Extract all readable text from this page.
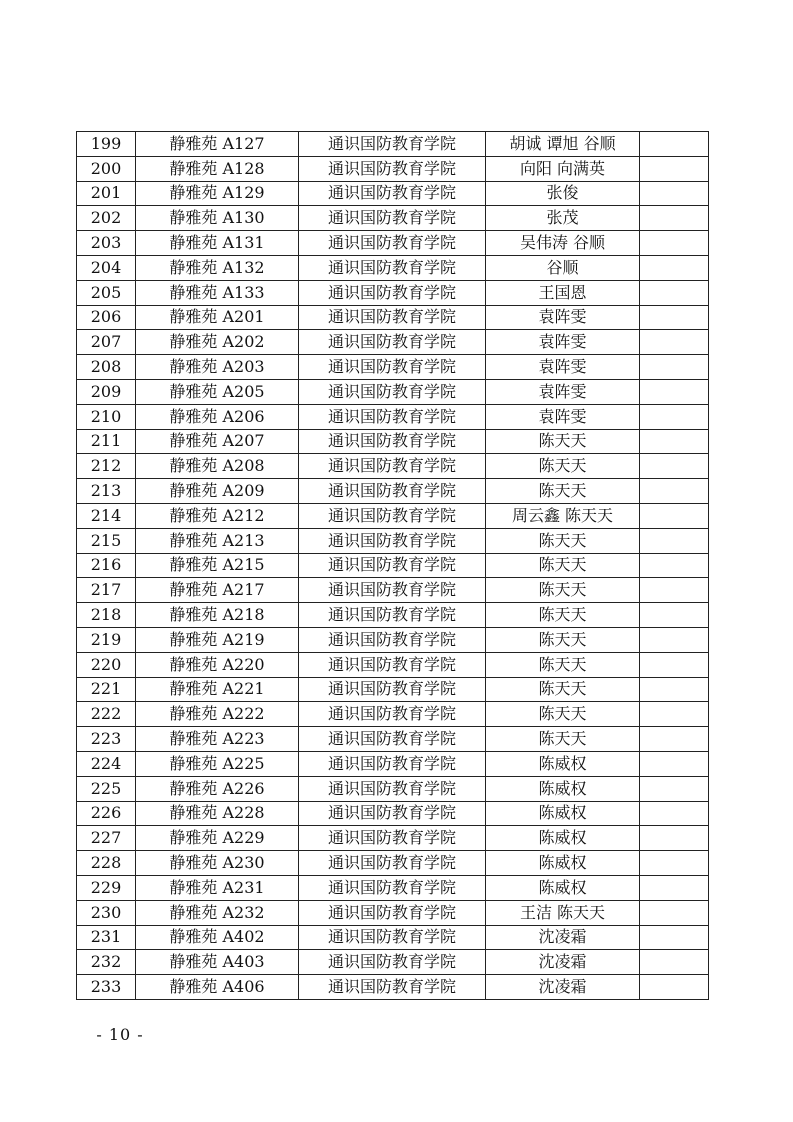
199	静雅苑 A127	通识国防教育学院	胡诚 谭旭 谷顺	
200	静雅苑 A128	通识国防教育学院	向阳 向满英	
201	静雅苑 A129	通识国防教育学院	张俊	
202	静雅苑 A130	通识国防教育学院	张茂	
203	静雅苑 A131	通识国防教育学院	吴伟涛 谷顺	
204	静雅苑 A132	通识国防教育学院	谷顺	
205	静雅苑 A133	通识国防教育学院	王国恩	
206	静雅苑 A201	通识国防教育学院	袁阵雯	
207	静雅苑 A202	通识国防教育学院	袁阵雯	
208	静雅苑 A203	通识国防教育学院	袁阵雯	
209	静雅苑 A205	通识国防教育学院	袁阵雯	
210	静雅苑 A206	通识国防教育学院	袁阵雯	
211	静雅苑 A207	通识国防教育学院	陈天天	
212	静雅苑 A208	通识国防教育学院	陈天天	
213	静雅苑 A209	通识国防教育学院	陈天天	
214	静雅苑 A212	通识国防教育学院	周云鑫 陈天天	
215	静雅苑 A213	通识国防教育学院	陈天天	
216	静雅苑 A215	通识国防教育学院	陈天天	
217	静雅苑 A217	通识国防教育学院	陈天天	
218	静雅苑 A218	通识国防教育学院	陈天天	
219	静雅苑 A219	通识国防教育学院	陈天天	
220	静雅苑 A220	通识国防教育学院	陈天天	
221	静雅苑 A221	通识国防教育学院	陈天天	
222	静雅苑 A222	通识国防教育学院	陈天天	
223	静雅苑 A223	通识国防教育学院	陈天天	
224	静雅苑 A225	通识国防教育学院	陈威权	
225	静雅苑 A226	通识国防教育学院	陈威权	
226	静雅苑 A228	通识国防教育学院	陈威权	
227	静雅苑 A229	通识国防教育学院	陈威权	
228	静雅苑 A230	通识国防教育学院	陈威权	
229	静雅苑 A231	通识国防教育学院	陈威权	
230	静雅苑 A232	通识国防教育学院	王洁 陈天天	
231	静雅苑 A402	通识国防教育学院	沈凌霜	
232	静雅苑 A403	通识国防教育学院	沈凌霜	
233	静雅苑 A406	通识国防教育学院	沈凌霜	
- 10 -
